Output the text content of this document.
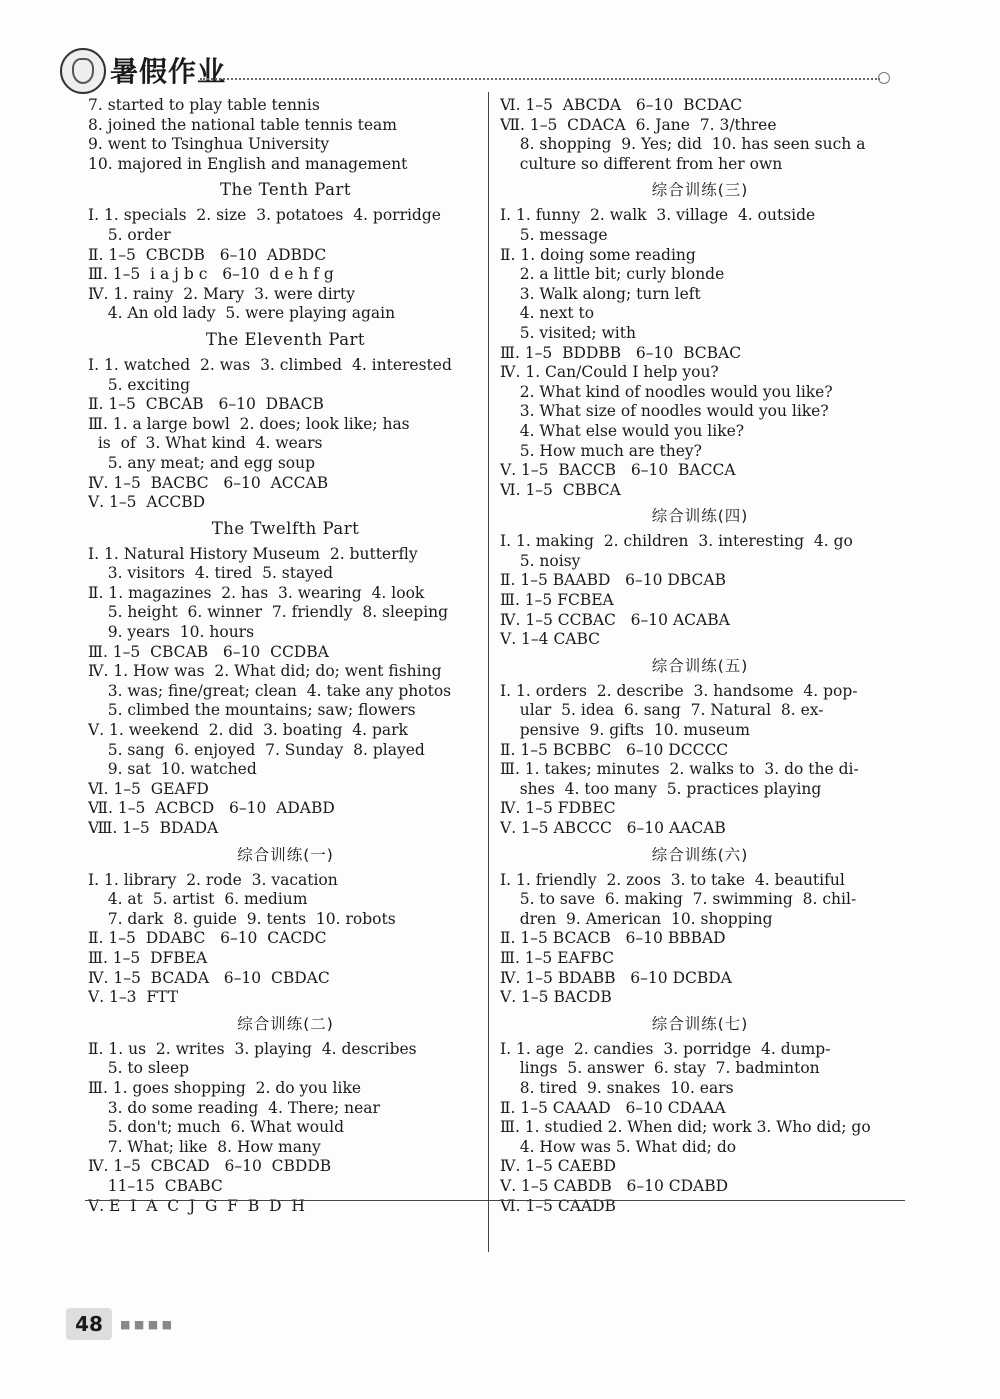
暑假作业
7. started to play table tennis
8. joined the national table tennis team
9. went to Tsinghua University
10. majored in English and management
The Tenth Part
Ⅰ. 1. specials  2. size  3. potatoes  4. porridge
5. order
Ⅱ. 1–5  CBCDB   6–10  ADBDC
Ⅲ. 1–5  i a j b c   6–10  d e h f g
Ⅳ. 1. rainy  2. Mary  3. were dirty
4. An old lady  5. were playing again
The Eleventh Part
Ⅰ. 1. watched  2. was  3. climbed  4. interested
5. exciting
Ⅱ. 1–5  CBCAB   6–10  DBACB
Ⅲ. 1. a large bowl  2. does; look like; has
is  of  3. What kind  4. wears
5. any meat; and egg soup
Ⅳ. 1–5  BACBC   6–10  ACCAB
Ⅴ. 1–5  ACCBD
The Twelfth Part
Ⅰ. 1. Natural History Museum  2. butterfly
3. visitors  4. tired  5. stayed
Ⅱ. 1. magazines  2. has  3. wearing  4. look
5. height  6. winner  7. friendly  8. sleeping
9. years  10. hours
Ⅲ. 1–5  CBCAB   6–10  CCDBA
Ⅳ. 1. How was  2. What did; do; went fishing
3. was; fine/great; clean  4. take any photos
5. climbed the mountains; saw; flowers
Ⅴ. 1. weekend  2. did  3. boating  4. park
5. sang  6. enjoyed  7. Sunday  8. played
9. sat  10. watched
Ⅵ. 1–5  GEAFD
Ⅶ. 1–5  ACBCD   6–10  ADABD
Ⅷ. 1–5  BDADA
综合训练(一)
Ⅰ. 1. library  2. rode  3. vacation
4. at  5. artist  6. medium
7. dark  8. guide  9. tents  10. robots
Ⅱ. 1–5  DDABC   6–10  CACDC
Ⅲ. 1–5  DFBEA
Ⅳ. 1–5  BCADA   6–10  CBDAC
Ⅴ. 1–3  FTT
综合训练(二)
Ⅱ. 1. us  2. writes  3. playing  4. describes
5. to sleep
Ⅲ. 1. goes shopping  2. do you like
3. do some reading  4. There; near
5. don't; much  6. What would
7. What; like  8. How many
Ⅳ. 1–5  CBCAD   6–10  CBDDB
11–15  CBABC
Ⅴ. E  I  A  C  J  G  F  B  D  H
Ⅵ. 1–5  ABCDA   6–10  BCDAC
Ⅶ. 1–5  CDACA  6. Jane  7. 3/three
8. shopping  9. Yes; did  10. has seen such a
culture so different from her own
综合训练(三)
Ⅰ. 1. funny  2. walk  3. village  4. outside
5. message
Ⅱ. 1. doing some reading
2. a little bit; curly blonde
3. Walk along; turn left
4. next to
5. visited; with
Ⅲ. 1–5  BDDBB   6–10  BCBAC
Ⅳ. 1. Can/Could I help you?
2. What kind of noodles would you like?
3. What size of noodles would you like?
4. What else would you like?
5. How much are they?
Ⅴ. 1–5  BACCB   6–10  BACCA
Ⅵ. 1–5  CBBCA
综合训练(四)
Ⅰ. 1. making  2. children  3. interesting  4. go
5. noisy
Ⅱ. 1–5 BAABD   6–10 DBCAB
Ⅲ. 1–5 FCBEA
Ⅳ. 1–5 CCBAC   6–10 ACABA
Ⅴ. 1–4 CABC
综合训练(五)
Ⅰ. 1. orders  2. describe  3. handsome  4. pop-
ular  5. idea  6. sang  7. Natural  8. ex-
pensive  9. gifts  10. museum
Ⅱ. 1–5 BCBBC   6–10 DCCCC
Ⅲ. 1. takes; minutes  2. walks to  3. do the di-
shes  4. too many  5. practices playing
Ⅳ. 1–5 FDBEC
Ⅴ. 1–5 ABCCC   6–10 AACAB
综合训练(六)
Ⅰ. 1. friendly  2. zoos  3. to take  4. beautiful
5. to save  6. making  7. swimming  8. chil-
dren  9. American  10. shopping
Ⅱ. 1–5 BCACB   6–10 BBBAD
Ⅲ. 1–5 EAFBC
Ⅳ. 1–5 BDABB   6–10 DCBDA
Ⅴ. 1–5 BACDB
综合训练(七)
Ⅰ. 1. age  2. candies  3. porridge  4. dump-
lings  5. answer  6. stay  7. badminton
8. tired  9. snakes  10. ears
Ⅱ. 1–5 CAAAD   6–10 CDAAA
Ⅲ. 1. studied 2. When did; work 3. Who did; go
4. How was 5. What did; do
Ⅳ. 1–5 CAEBD
Ⅴ. 1–5 CABDB   6–10 CDABD
Ⅵ. 1–5 CAADB
48	■ ■ ■ ■
